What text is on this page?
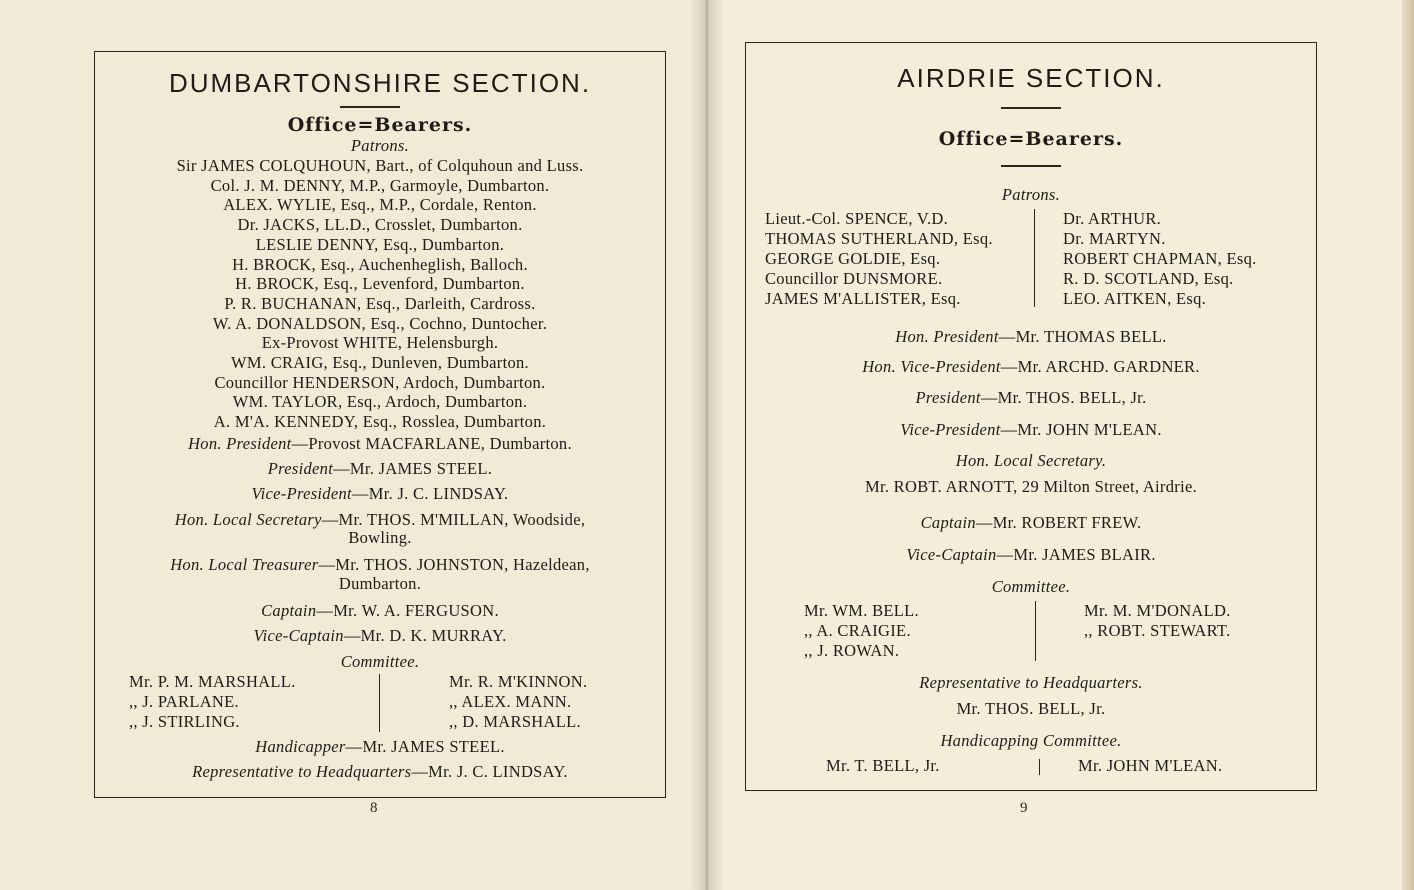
DUMBARTONSHIRE SECTION.
Office=Bearers.
Patrons.
Sir JAMES COLQUHOUN, Bart., of Colquhoun and Luss.
Col. J. M. DENNY, M.P., Garmoyle, Dumbarton.
ALEX. WYLIE, Esq., M.P., Cordale, Renton.
Dr. JACKS, LL.D., Crosslet, Dumbarton.
LESLIE DENNY, Esq., Dumbarton.
H. BROCK, Esq., Auchenheglish, Balloch.
H. BROCK, Esq., Levenford, Dumbarton.
P. R. BUCHANAN, Esq., Darleith, Cardross.
W. A. DONALDSON, Esq., Cochno, Duntocher.
Ex-Provost WHITE, Helensburgh.
WM. CRAIG, Esq., Dunleven, Dumbarton.
Councillor HENDERSON, Ardoch, Dumbarton.
WM. TAYLOR, Esq., Ardoch, Dumbarton.
A. M'A. KENNEDY, Esq., Rosslea, Dumbarton.
Hon. President—Provost MACFARLANE, Dumbarton.
President—Mr. JAMES STEEL.
Vice-President—Mr. J. C. LINDSAY.
Hon. Local Secretary—Mr. THOS. M'MILLAN, Woodside,
Bowling.
Hon. Local Treasurer—Mr. THOS. JOHNSTON, Hazeldean,
Dumbarton.
Captain—Mr. W. A. FERGUSON.
Vice-Captain—Mr. D. K. MURRAY.
Committee.
Mr. P. M. MARSHALL.
,, J. PARLANE.
,, J. STIRLING.
Mr. R. M'KINNON.
,, ALEX. MANN.
,, D. MARSHALL.
Handicapper—Mr. JAMES STEEL.
Representative to Headquarters—Mr. J. C. LINDSAY.
8
AIRDRIE SECTION.
Office=Bearers.
Patrons.
Lieut.-Col. SPENCE, V.D.
THOMAS SUTHERLAND, Esq.
GEORGE GOLDIE, Esq.
Councillor DUNSMORE.
JAMES M'ALLISTER, Esq.
Dr. ARTHUR.
Dr. MARTYN.
ROBERT CHAPMAN, Esq.
R. D. SCOTLAND, Esq.
LEO. AITKEN, Esq.
Hon. President—Mr. THOMAS BELL.
Hon. Vice-President—Mr. ARCHD. GARDNER.
President—Mr. THOS. BELL, Jr.
Vice-President—Mr. JOHN M'LEAN.
Hon. Local Secretary.
Mr. ROBT. ARNOTT, 29 Milton Street, Airdrie.
Captain—Mr. ROBERT FREW.
Vice-Captain—Mr. JAMES BLAIR.
Committee.
Mr. WM. BELL.
,, A. CRAIGIE.
,, J. ROWAN.
Mr. M. M'DONALD.
,, ROBT. STEWART.
Representative to Headquarters.
Mr. THOS. BELL, Jr.
Handicapping Committee.
Mr. T. BELL, Jr.	Mr. JOHN M'LEAN.
9
